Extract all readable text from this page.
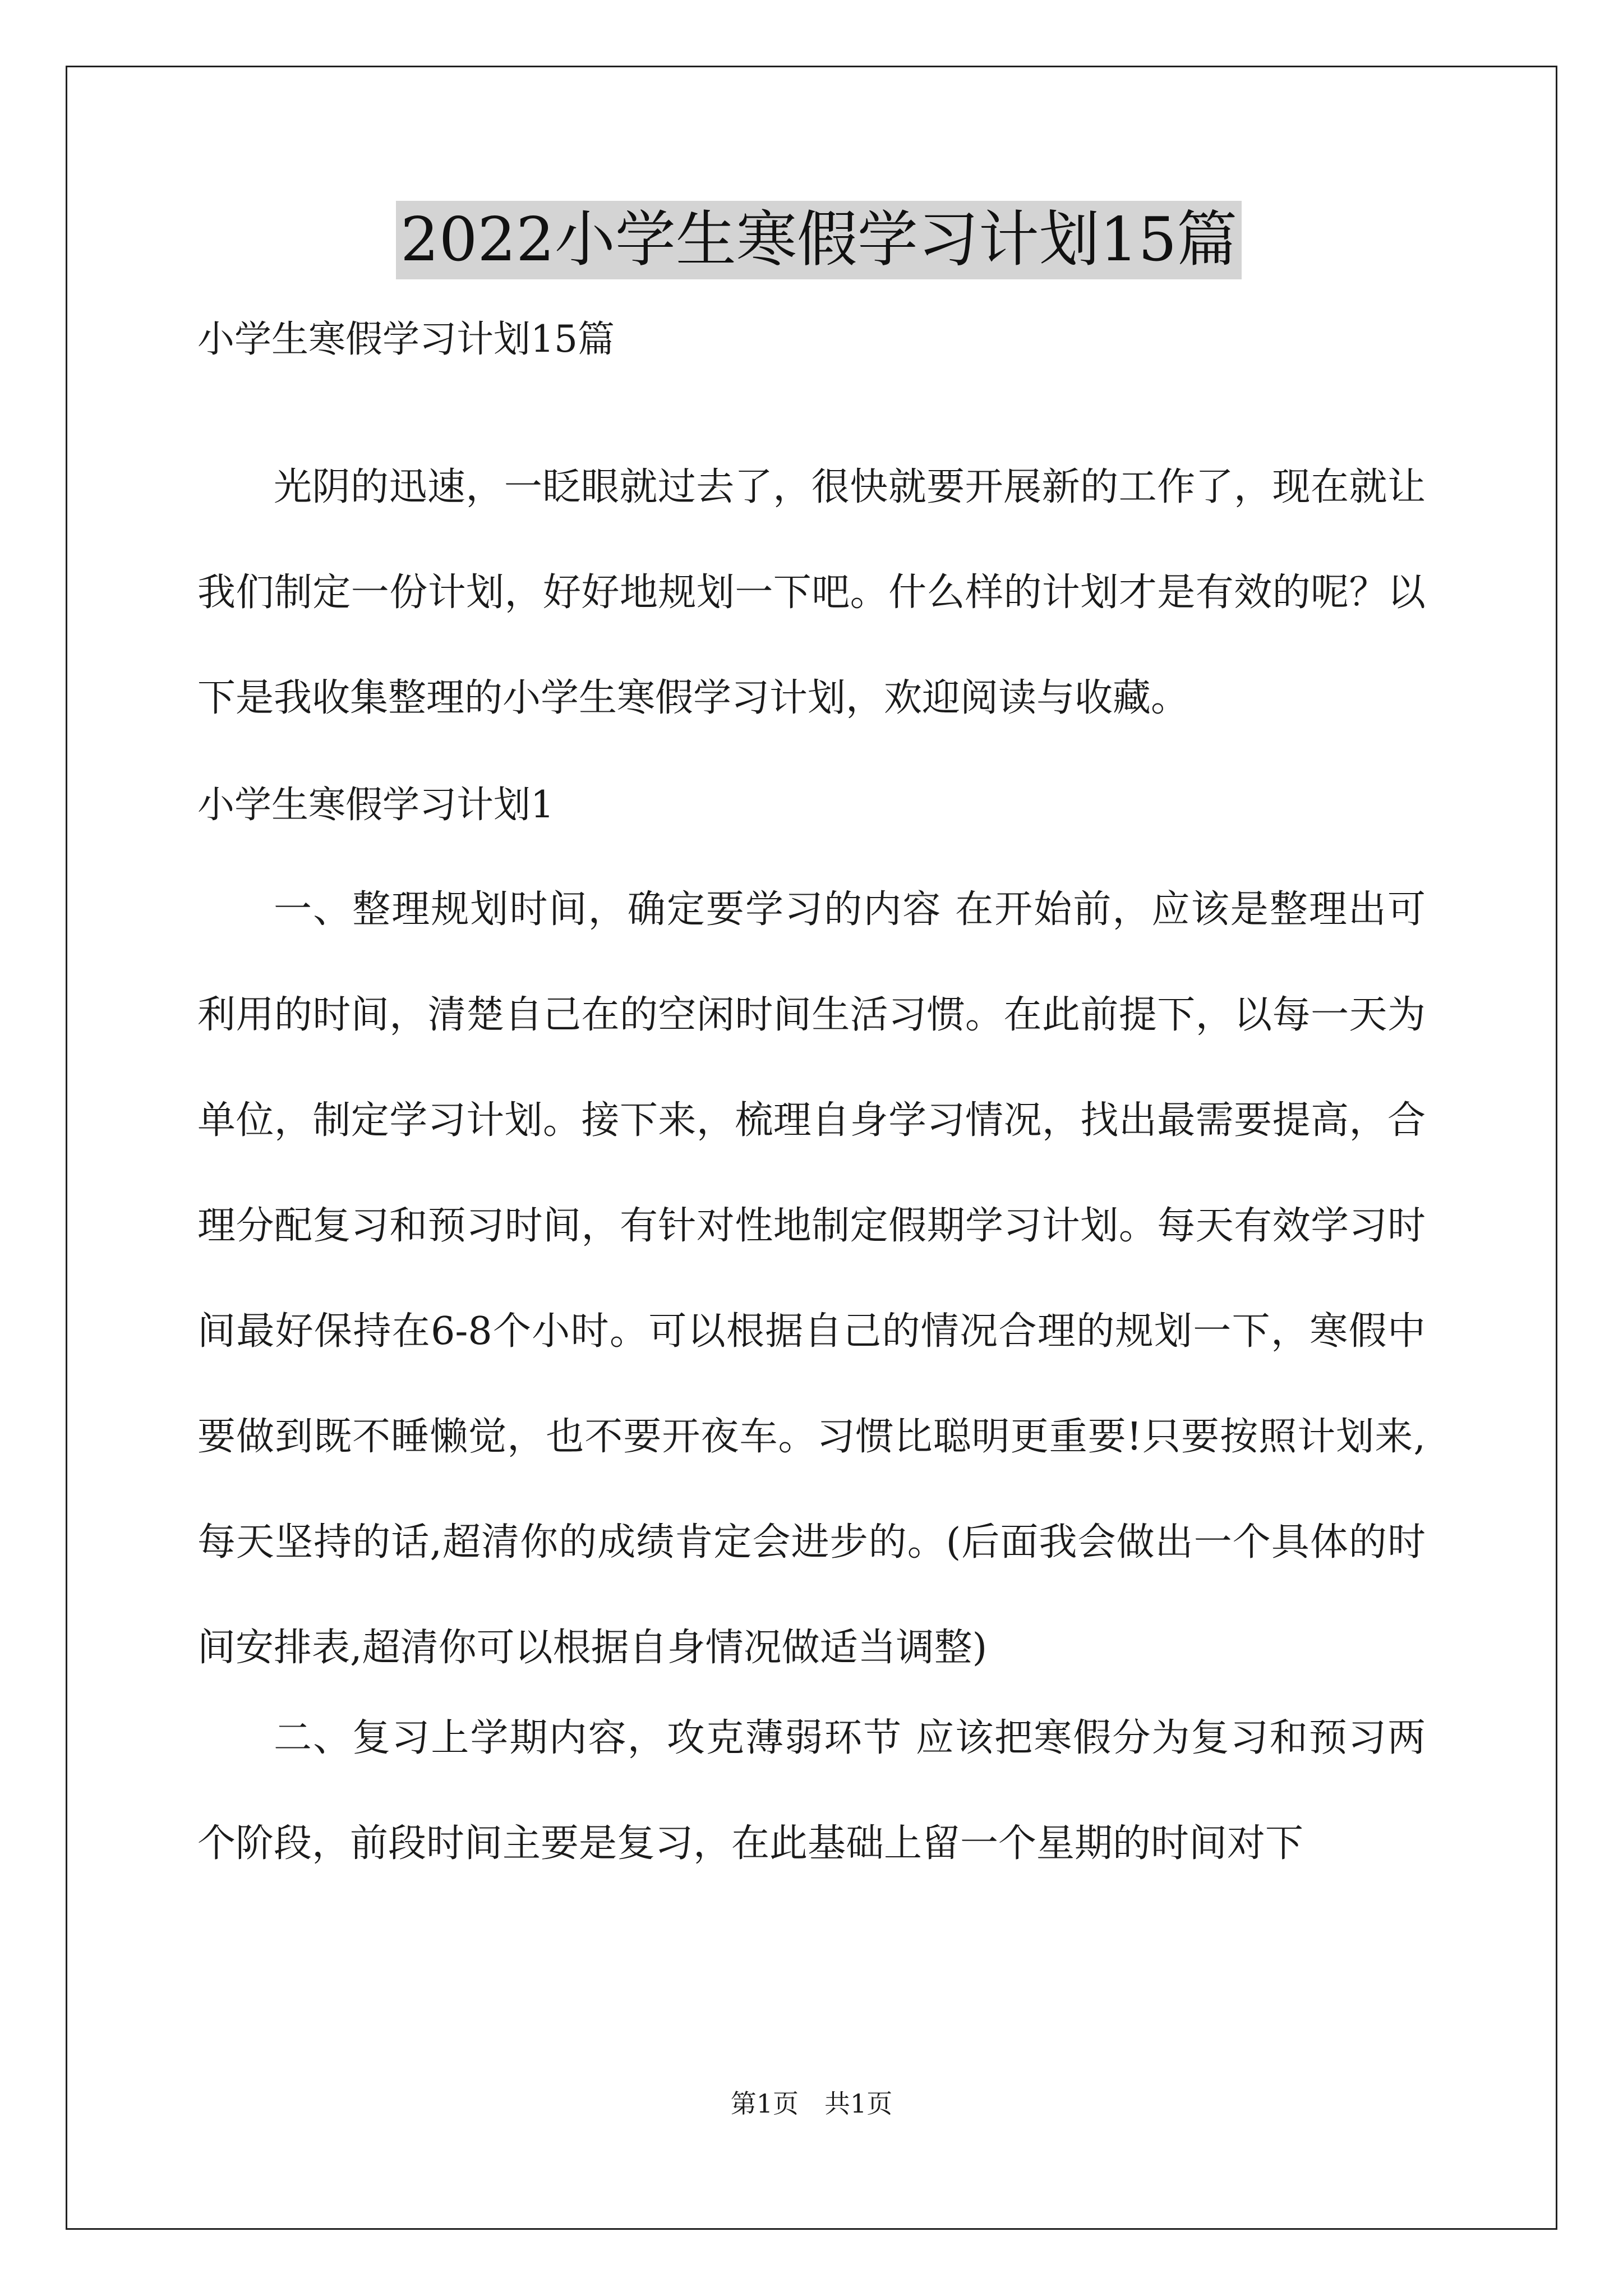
2022小学生寒假学习计划15篇
小学生寒假学习计划15篇

光阴的迅速，一眨眼就过去了，很快就要开展新的工作了，现在就让我们制定一份计划，好好地规划一下吧。什么样的计划才是有效的呢？以下是我收集整理的小学生寒假学习计划，欢迎阅读与收藏。

小学生寒假学习计划1

一、整理规划时间，确定要学习的内容 在开始前，应该是整理出可利用的时间，清楚自己在的空闲时间生活习惯。在此前提下，以每一天为单位，制定学习计划。接下来，梳理自身学习情况，找出最需要提高，合理分配复习和预习时间，有针对性地制定假期学习计划。每天有效学习时间最好保持在6-8个小时。可以根据自己的情况合理的规划一下，寒假中要做到既不睡懒觉，也不要开夜车。习惯比聪明更重要!只要按照计划来,每天坚持的话,超清你的成绩肯定会进步的。(后面我会做出一个具体的时间安排表,超清你可以根据自身情况做适当调整)

二、复习上学期内容，攻克薄弱环节 应该把寒假分为复习和预习两个阶段，前段时间主要是复习，在此基础上留一个星期的时间对下

第1页　共1页
